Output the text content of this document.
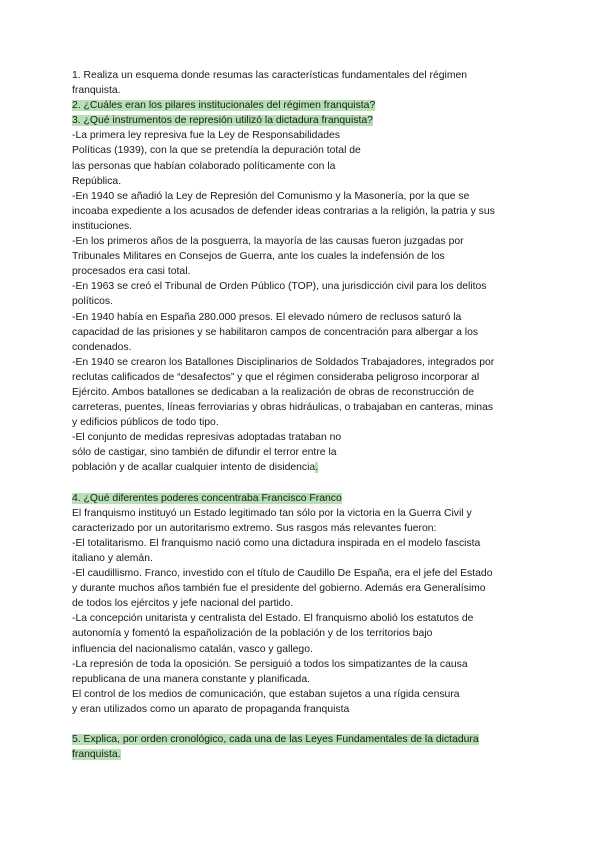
1. Realiza un esquema donde resumas las características fundamentales del régimen
franquista.
2. ¿Cuáles eran los pilares institucionales del régimen franquista?
3. ¿Qué instrumentos de represión utilizó la dictadura franquista?
-La primera ley represiva fue la Ley de Responsabilidades
Políticas (1939), con la que se pretendía la depuración total de
las personas que habían colaborado políticamente con la
República.
-En 1940 se añadió la Ley de Represión del Comunismo y la Masonería, por la que se
incoaba expediente a los acusados de defender ideas contrarias a la religión, la patria y sus
instituciones.
-En los primeros años de la posguerra, la mayoría de las causas fueron juzgadas por
Tribunales Militares en Consejos de Guerra, ante los cuales la indefensión de los
procesados era casi total.
-En 1963 se creó el Tribunal de Orden Público (TOP), una jurisdicción civil para los delitos
políticos.
-En 1940 había en España 280.000 presos. El elevado número de reclusos saturó la
capacidad de las prisiones y se habilitaron campos de concentración para albergar a los
condenados.
-En 1940 se crearon los Batallones Disciplinarios de Soldados Trabajadores, integrados por
reclutas calificados de “desafectos” y que el régimen consideraba peligroso incorporar al
Ejército. Ambos batallones se dedicaban a la realización de obras de reconstrucción de
carreteras, puentes, líneas ferroviarias y obras hidráulicas, o trabajaban en canteras, minas
y edificios públicos de todo tipo.
-El conjunto de medidas represivas adoptadas trataban no
sólo de castigar, sino también de difundir el terror entre la
población y de acallar cualquier intento de disidencia.
4. ¿Qué diferentes poderes concentraba Francisco Franco
El franquismo instituyó un Estado legitimado tan sólo por la victoria en la Guerra Civil y
caracterizado por un autoritarismo extremo. Sus rasgos más relevantes fueron:
-El totalitarismo. El franquismo nació como una dictadura inspirada en el modelo fascista
italiano y alemán.
-El caudillismo. Franco, investido con el título de Caudillo De España, era el jefe del Estado
y durante muchos años también fue el presidente del gobierno. Además era Generalísimo
de todos los ejércitos y jefe nacional del partido.
-La concepción unitarista y centralista del Estado. El franquismo abolió los estatutos de
autonomía y fomentó la españolización de la población y de los territorios bajo
influencia del nacionalismo catalán, vasco y gallego.
-La represión de toda la oposición. Se persiguió a todos los simpatizantes de la causa
republicana de una manera constante y planificada.
El control de los medios de comunicación, que estaban sujetos a una rígida censura
y eran utilizados como un aparato de propaganda franquista
5. Explica, por orden cronológico, cada una de las Leyes Fundamentales de la dictadura
franquista.
